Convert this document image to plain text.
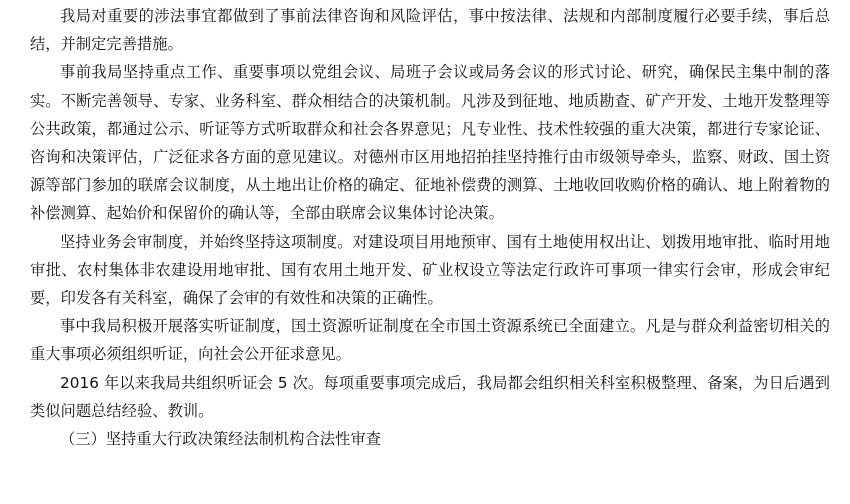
我局对重要的涉法事宜都做到了事前法律咨询和风险评估，事中按法律、法规和内部制度履行必要手续，事后总结，并制定完善措施。

事前我局坚持重点工作、重要事项以党组会议、局班子会议或局务会议的形式讨论、研究，确保民主集中制的落实。不断完善领导、专家、业务科室、群众相结合的决策机制。凡涉及到征地、地质勘查、矿产开发、土地开发整理等公共政策，都通过公示、听证等方式听取群众和社会各界意见；凡专业性、技术性较强的重大决策，都进行专家论证、咨询和决策评估，广泛征求各方面的意见建议。对德州市区用地招拍挂坚持推行由市级领导牵头，监察、财政、国土资源等部门参加的联席会议制度，从土地出让价格的确定、征地补偿费的测算、土地收回收购价格的确认、地上附着物的补偿测算、起始价和保留价的确认等，全部由联席会议集体讨论决策。

坚持业务会审制度，并始终坚持这项制度。对建设项目用地预审、国有土地使用权出让、划拨用地审批、临时用地审批、农村集体非农建设用地审批、国有农用土地开发、矿业权设立等法定行政许可事项一律实行会审，形成会审纪要，印发各有关科室，确保了会审的有效性和决策的正确性。

事中我局积极开展落实听证制度，国土资源听证制度在全市国土资源系统已全面建立。凡是与群众利益密切相关的重大事项必须组织听证，向社会公开征求意见。

2016 年以来我局共组织听证会 5 次。每项重要事项完成后，我局都会组织相关科室积极整理、备案，为日后遇到类似问题总结经验、教训。

（三）坚持重大行政决策经法制机构合法性审查
